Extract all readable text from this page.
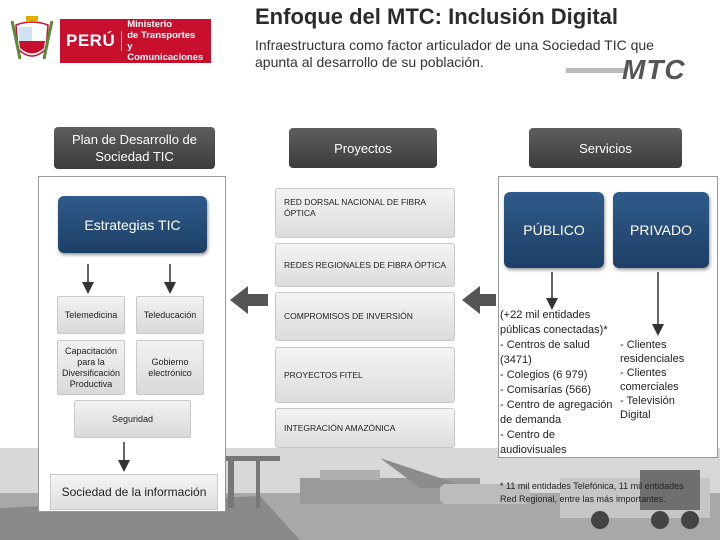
PERÚ
Ministerio
de Transportes
y Comunicaciones
Enfoque del MTC: Inclusión Digital
Infraestructura como factor articulador de una Sociedad TIC que apunta al desarrollo de su población.	MTC
Plan de Desarrollo de Sociedad TIC
Proyectos	Servicios
Estrategias TIC
Telemedicina	Teleducación
Capacitación para la Diversificación Productiva
Gobierno electrónico
Seguridad
Sociedad de la información
RED DORSAL NACIONAL DE FIBRA ÓPTICA
REDES REGIONALES DE FIBRA ÓPTICA
COMPROMISOS DE INVERSIÓN
PROYECTOS FITEL
INTEGRACIÓN AMAZÓNICA
PÚBLICO	PRIVADO
(+22 mil entidades
públicas conectadas)*
- Centros de salud
(3471)
- Colegios (6 979)
- Comisarías (566)
- Centro de agregación
de demanda
- Centro de
audiovisuales
- Clientes
residenciales
- Clientes
comerciales
- Televisión
Digital
* 11 mil entidades Telefónica, 11 mil entidades
Red Regional, entre las más importantes.
